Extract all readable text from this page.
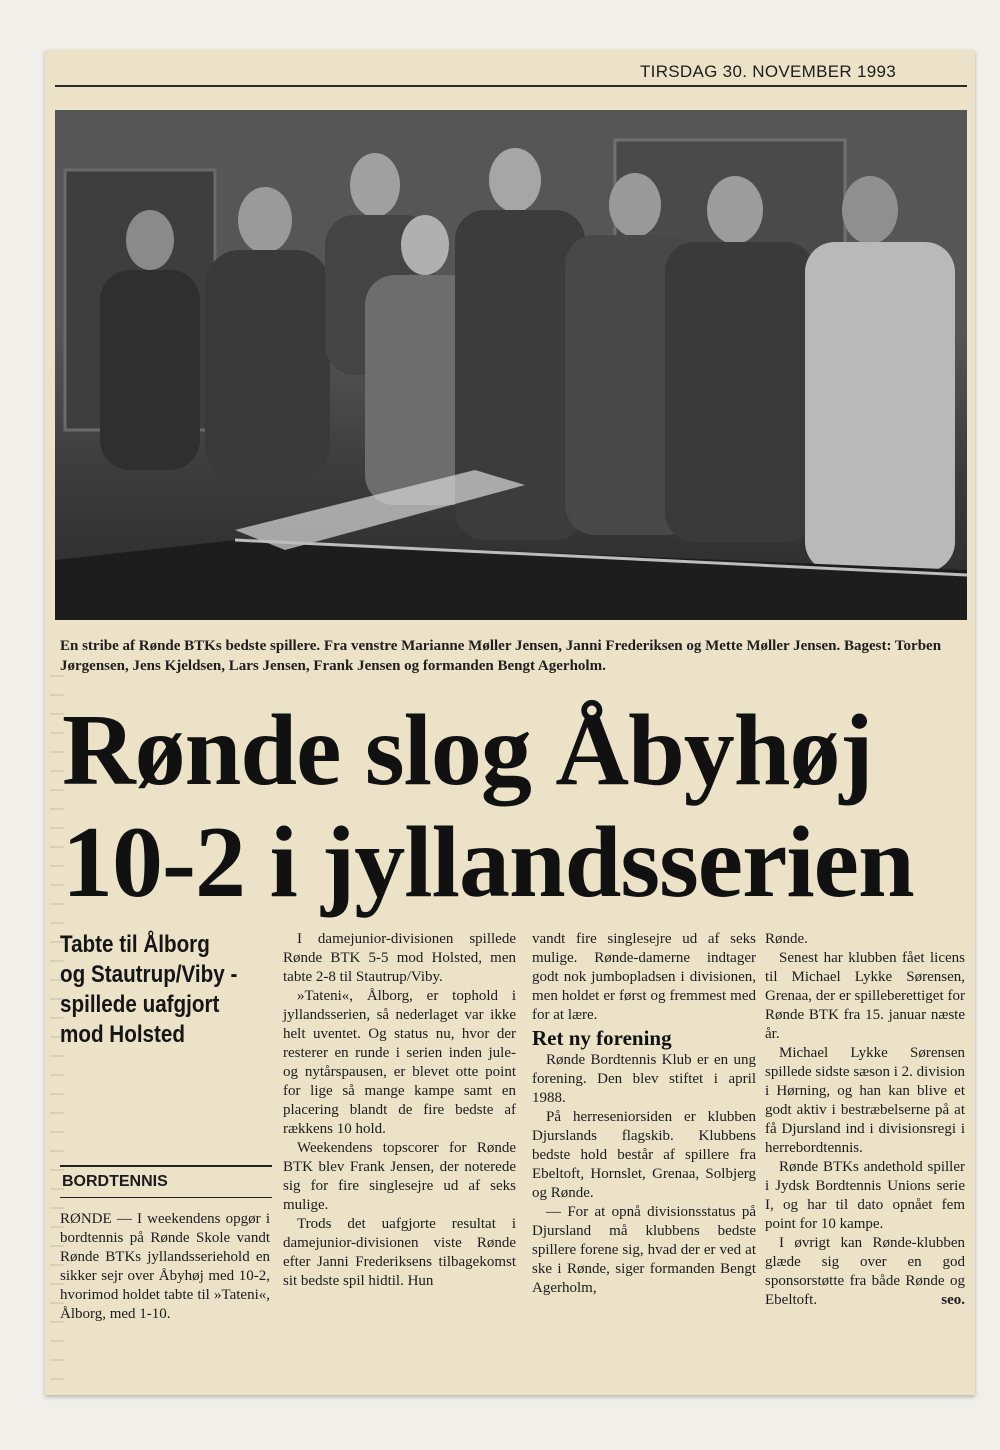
TIRSDAG 30. NOVEMBER 1993
En stribe af Rønde BTKs bedste spillere. Fra venstre Marianne Møller Jensen, Janni Frederiksen og Mette Møller Jensen. Bagest: Torben Jørgensen, Jens Kjeldsen, Lars Jensen, Frank Jensen og formanden Bengt Agerholm.
Rønde slog Åbyhøj
10-2 i jyllandsserien
Tabte til Ålborg og Stautrup/Viby - spillede uafgjort mod Holsted
BORDTENNIS

RØNDE — I weekendens opgør i bordtennis på Rønde Skole vandt Rønde BTKs jyllandsseriehold en sikker sejr over Åbyhøj med 10-2, hvorimod holdet tabte til »Tateni«, Ålborg, med 1-10.

I damejunior-divisionen spillede Rønde BTK 5-5 mod Holsted, men tabte 2-8 til Stautrup/Viby.

»Tateni«, Ålborg, er tophold i jyllandsserien, så nederlaget var ikke helt uventet. Og status nu, hvor der resterer en runde i serien inden jule- og nytårspausen, er blevet otte point for lige så mange kampe samt en placering blandt de fire bedste af rækkens 10 hold.

Weekendens topscorer for Rønde BTK blev Frank Jensen, der noterede sig for fire singlesejre ud af seks mulige.

Trods det uafgjorte resultat i damejunior-divisionen viste Rønde efter Janni Frederiksens tilbagekomst sit bedste spil hidtil. Hun

vandt fire singlesejre ud af seks mulige. Rønde-damerne indtager godt nok jumbopladsen i divisionen, men holdet er først og fremmest med for at lære.

Ret ny forening

Rønde Bordtennis Klub er en ung forening. Den blev stiftet i april 1988.

På herreseniorsiden er klubben Djurslands flagskib. Klubbens bedste hold består af spillere fra Ebeltoft, Hornslet, Grenaa, Solbjerg og Rønde.

— For at opnå divisionsstatus på Djursland må klubbens bedste spillere forene sig, hvad der er ved at ske i Rønde, siger formanden Bengt Agerholm,

Rønde.

Senest har klubben fået licens til Michael Lykke Sørensen, Grenaa, der er spilleberettiget for Rønde BTK fra 15. januar næste år.

Michael Lykke Sørensen spillede sidste sæson i 2. division i Hørning, og han kan blive et godt aktiv i bestræbelserne på at få Djursland ind i divisionsregi i herrebordtennis.

Rønde BTKs andethold spiller i Jydsk Bordtennis Unions serie I, og har til dato opnået fem point for 10 kampe.

I øvrigt kan Rønde-klubben glæde sig over en god sponsorstøtte fra både Rønde og Ebeltoft.	seo.
